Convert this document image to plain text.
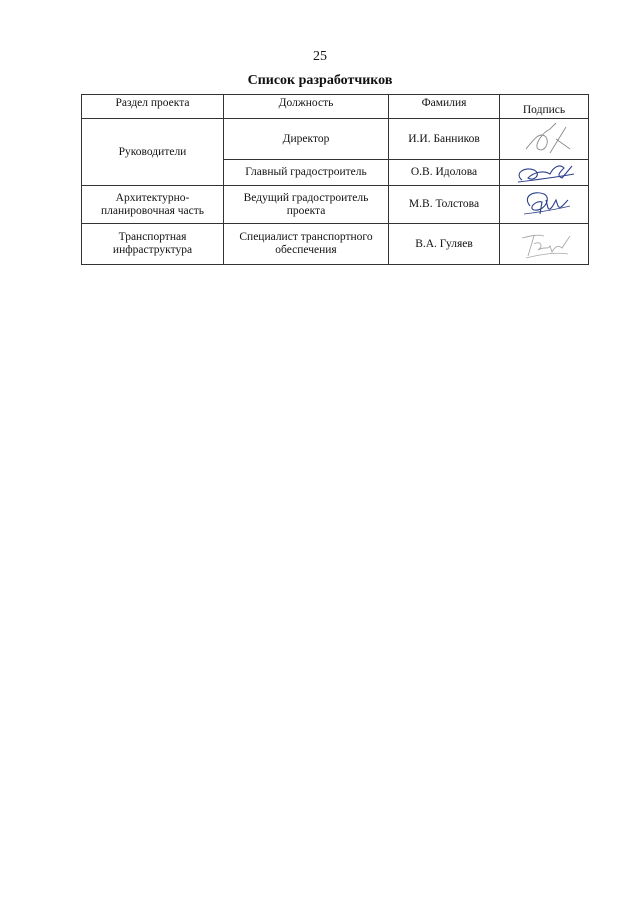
25
Список разработчиков
Раздел проекта	Должность	Фамилия	Подпись
Руководители	Директор	И.И. Банников	

	Главный градостроитель	О.В. Идолова	

Архитектурно-планировочная часть	Ведущий градостроитель проекта	М.В. Толстова	

Транспортная инфраструктура	Специалист транспортного обеспечения	В.А. Гуляев	
